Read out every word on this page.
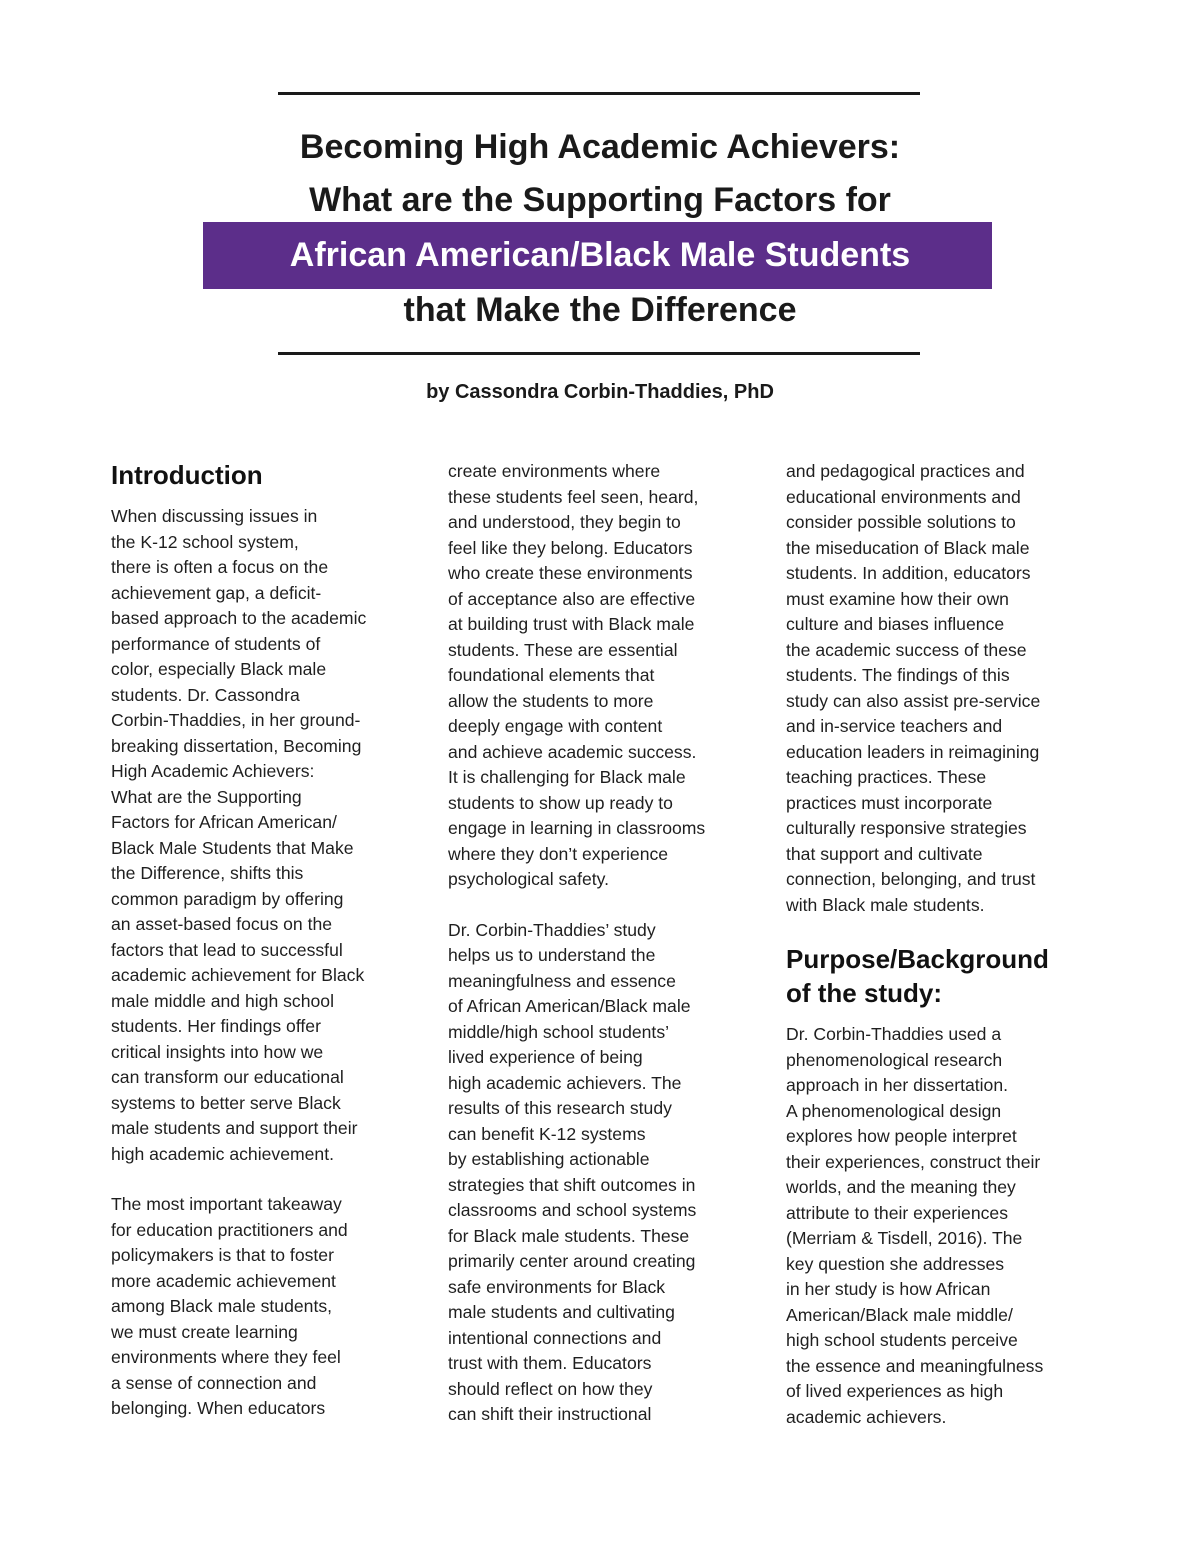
Becoming High Academic Achievers:
What are the Supporting Factors for
African American/Black Male Students
that Make the Difference
by Cassondra Corbin-Thaddies, PhD
Introduction

When discussing issues in
the K-12 school system,
there is often a focus on the
achievement gap, a deficit-
based approach to the academic
performance of students of
color, especially Black male
students. Dr. Cassondra
Corbin-Thaddies, in her ground-
breaking dissertation, Becoming
High Academic Achievers:
What are the Supporting
Factors for African American/
Black Male Students that Make
the Difference, shifts this
common paradigm by offering
an asset-based focus on the
factors that lead to successful
academic achievement for Black
male middle and high school
students. Her findings offer
critical insights into how we
can transform our educational
systems to better serve Black
male students and support their
high academic achievement.

The most important takeaway
for education practitioners and
policymakers is that to foster
more academic achievement
among Black male students,
we must create learning
environments where they feel
a sense of connection and
belonging. When educators

create environments where
these students feel seen, heard,
and understood, they begin to
feel like they belong. Educators
who create these environments
of acceptance also are effective
at building trust with Black male
students. These are essential
foundational elements that
allow the students to more
deeply engage with content
and achieve academic success.
It is challenging for Black male
students to show up ready to
engage in learning in classrooms
where they don’t experience
psychological safety.

Dr. Corbin-Thaddies’ study
helps us to understand the
meaningfulness and essence
of African American/Black male
middle/high school students’
lived experience of being
high academic achievers. The
results of this research study
can benefit K-12 systems
by establishing actionable
strategies that shift outcomes in
classrooms and school systems
for Black male students. These
primarily center around creating
safe environments for Black
male students and cultivating
intentional connections and
trust with them. Educators
should reflect on how they
can shift their instructional

and pedagogical practices and
educational environments and
consider possible solutions to
the miseducation of Black male
students. In addition, educators
must examine how their own
culture and biases influence
the academic success of these
students. The findings of this
study can also assist pre-service
and in-service teachers and
education leaders in reimagining
teaching practices. These
practices must incorporate
culturally responsive strategies
that support and cultivate
connection, belonging, and trust
with Black male students.

Purpose/Background
of the study:

Dr. Corbin-Thaddies used a
phenomenological research
approach in her dissertation.
A phenomenological design
explores how people interpret
their experiences, construct their
worlds, and the meaning they
attribute to their experiences
(Merriam & Tisdell, 2016). The
key question she addresses
in her study is how African
American/Black male middle/
high school students perceive
the essence and meaningfulness
of lived experiences as high
academic achievers.
